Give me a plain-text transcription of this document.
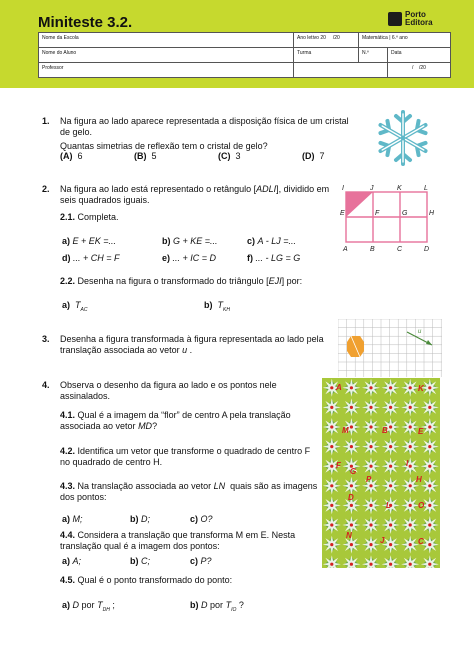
Miniteste 3.2.	Porto
Editora
Nome da Escola	Ano letivo 20 /20	Matemática | 6.º ano	
Nome do Aluno	Turma	N.º	Data
Professor			/ /20
1. Na figura ao lado aparece representada a disposição física de um cristal de gelo.
Quantas simetrias de reflexão tem o cristal de gelo?
(A) 6	(B) 5	(C) 3	(D) 7
2. Na figura ao lado está representado o retângulo [ADLI], dividido em seis quadrados iguais.
2.1. Completa.
a) E + EK =...	b) G + KE =...	c) A - LJ =...
d) ... + CH = F	e) ... + IC = D	f) ... - LG = G
2.2. Desenha na figura o transformado do triângulo [EJI] por:
a) $T_{AC}$	b) $T_{KH}$
I	J	K	L
E	F	G	H
A	B	C	D
3. Desenha a figura transformada à figura representada ao lado pela translação associada ao vetor u .
u
4. Observa o desenho da figura ao lado e os pontos nele assinalados.
4.1. Qual é a imagem da “flor” de centro A pela translação associada ao vetor MD?
4.2. Identifica um vetor que transforme o quadrado de centro F no quadrado de centro H.
4.3. Na translação associada ao vetor LN quais são as imagens dos pontos:
a) M;	b) D;	c) O?
4.4. Considera a translação que transforma M em E. Nesta translação qual é a imagem dos pontos:
a) A;	b) C;	c) P?
4.5. Qual é o ponto transformado do ponto:
a) D por $T_{DH}$ ;	b) D por $T_{IO}$ ?
A	K
M	B	E
G
F	I
H
D
L	O
N
J	C
P
